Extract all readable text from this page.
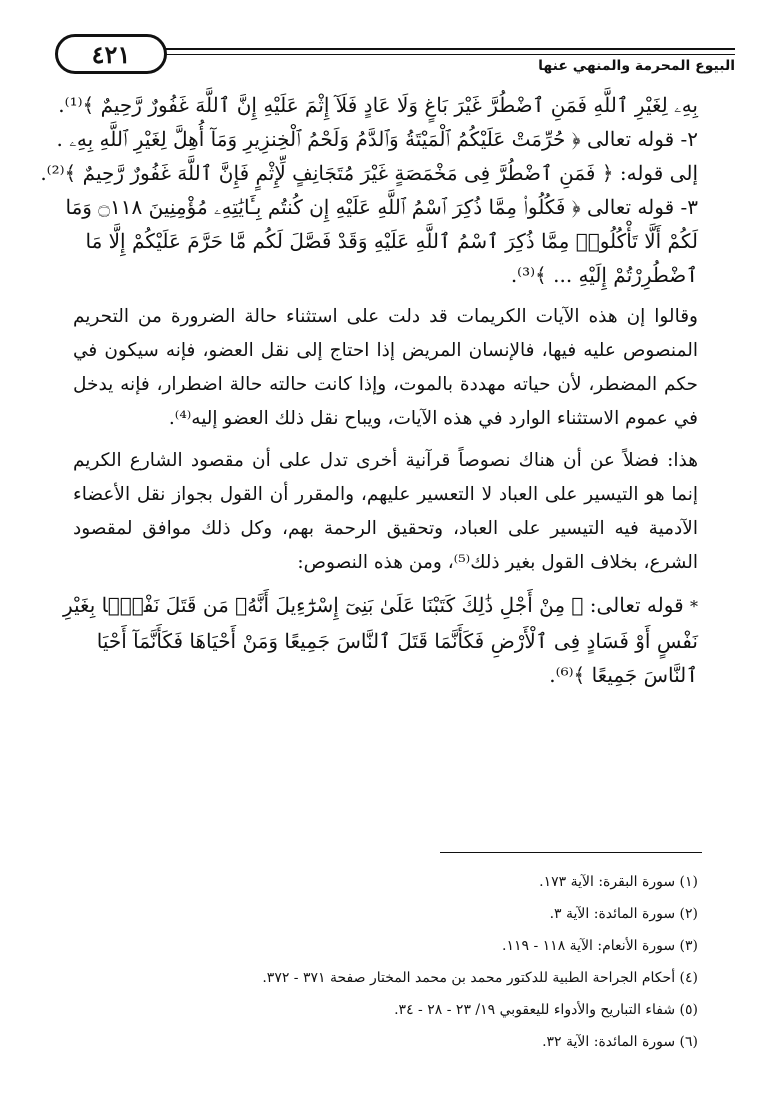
٤٢١	البيوع المحرمة والمنهي عنها

بِهِۦ لِغَيْرِ ٱللَّهِ فَمَنِ ٱضْطُرَّ غَيْرَ بَاغٍ وَلَا عَادٍ فَلَآ إِثْمَ عَلَيْهِ إِنَّ ٱللَّهَ غَفُورٌ رَّحِيمٌ ﴾⁽¹⁾.

٢- قوله تعالى ﴿ حُرِّمَتْ عَلَيْكُمُ ٱلْمَيْتَةُ وَٱلدَّمُ وَلَحْمُ ٱلْخِنزِيرِ وَمَآ أُهِلَّ لِغَيْرِ ٱللَّهِ بِهِۦ .

إلى قوله: ﴿ فَمَنِ ٱضْطُرَّ فِى مَخْمَصَةٍ غَيْرَ مُتَجَانِفٍ لِّإِثْمٍ فَإِنَّ ٱللَّهَ غَفُورٌ رَّحِيمٌ ﴾⁽²⁾.

٣- قوله تعالى ﴿ فَكُلُوا۟ مِمَّا ذُكِرَ ٱسْمُ ٱللَّهِ عَلَيْهِ إِن كُنتُم بِـَٔايَٰتِهِۦ مُؤْمِنِينَ ۝١١٨ وَمَا

لَكُمْ أَلَّا تَأْكُلُوا۟ مِمَّا ذُكِرَ ٱسْمُ ٱللَّهِ عَلَيْهِ وَقَدْ فَصَّلَ لَكُم مَّا حَرَّمَ عَلَيْكُمْ إِلَّا مَا

ٱضْطُرِرْتُمْ إِلَيْهِ ... ﴾⁽³⁾.

وقالوا إن هذه الآيات الكريمات قد دلت على استثناء حالة الضرورة من التحريم المنصوص عليه فيها، فالإنسان المريض إذا احتاج إلى نقل العضو، فإنه سيكون في حكم المضطر، لأن حياته مهددة بالموت، وإذا كانت حالته حالة اضطرار، فإنه يدخل في عموم الاستثناء الوارد في هذه الآيات، ويباح نقل ذلك العضو إليه⁽⁴⁾.

هذا: فضلاً عن أن هناك نصوصاً قرآنية أخرى تدل على أن مقصود الشارع الكريم إنما هو التيسير على العباد لا التعسير عليهم، والمقرر أن القول بجواز نقل الأعضاء الآدمية فيه التيسير على العباد، وتحقيق الرحمة بهم، وكل ذلك موافق لمقصود الشرع، بخلاف القول بغير ذلك⁽⁵⁾، ومن هذه النصوص:

* قوله تعالى: ﴿ مِنْ أَجْلِ ذَٰلِكَ كَتَبْنَا عَلَىٰ بَنِىٓ إِسْرَٰٓءِيلَ أَنَّهُۥ مَن قَتَلَ نَفْسًۢا بِغَيْرِ

نَفْسٍ أَوْ فَسَادٍ فِى ٱلْأَرْضِ فَكَأَنَّمَا قَتَلَ ٱلنَّاسَ جَمِيعًا وَمَنْ أَحْيَاهَا فَكَأَنَّمَآ أَحْيَا

ٱلنَّاسَ جَمِيعًا ﴾⁽⁶⁾.

(١) سورة البقرة: الآية ١٧٣.

(٢) سورة المائدة: الآية ٣.

(٣) سورة الأنعام: الآية ١١٨ - ١١٩.

(٤) أحكام الجراحة الطبية للدكتور محمد بن محمد المختار صفحة ٣٧١ - ٣٧٢.

(٥) شفاء التباريح والأدواء لليعقوبي ١٩/ ٢٣ - ٢٨ - ٣٤.

(٦) سورة المائدة: الآية ٣٢.
